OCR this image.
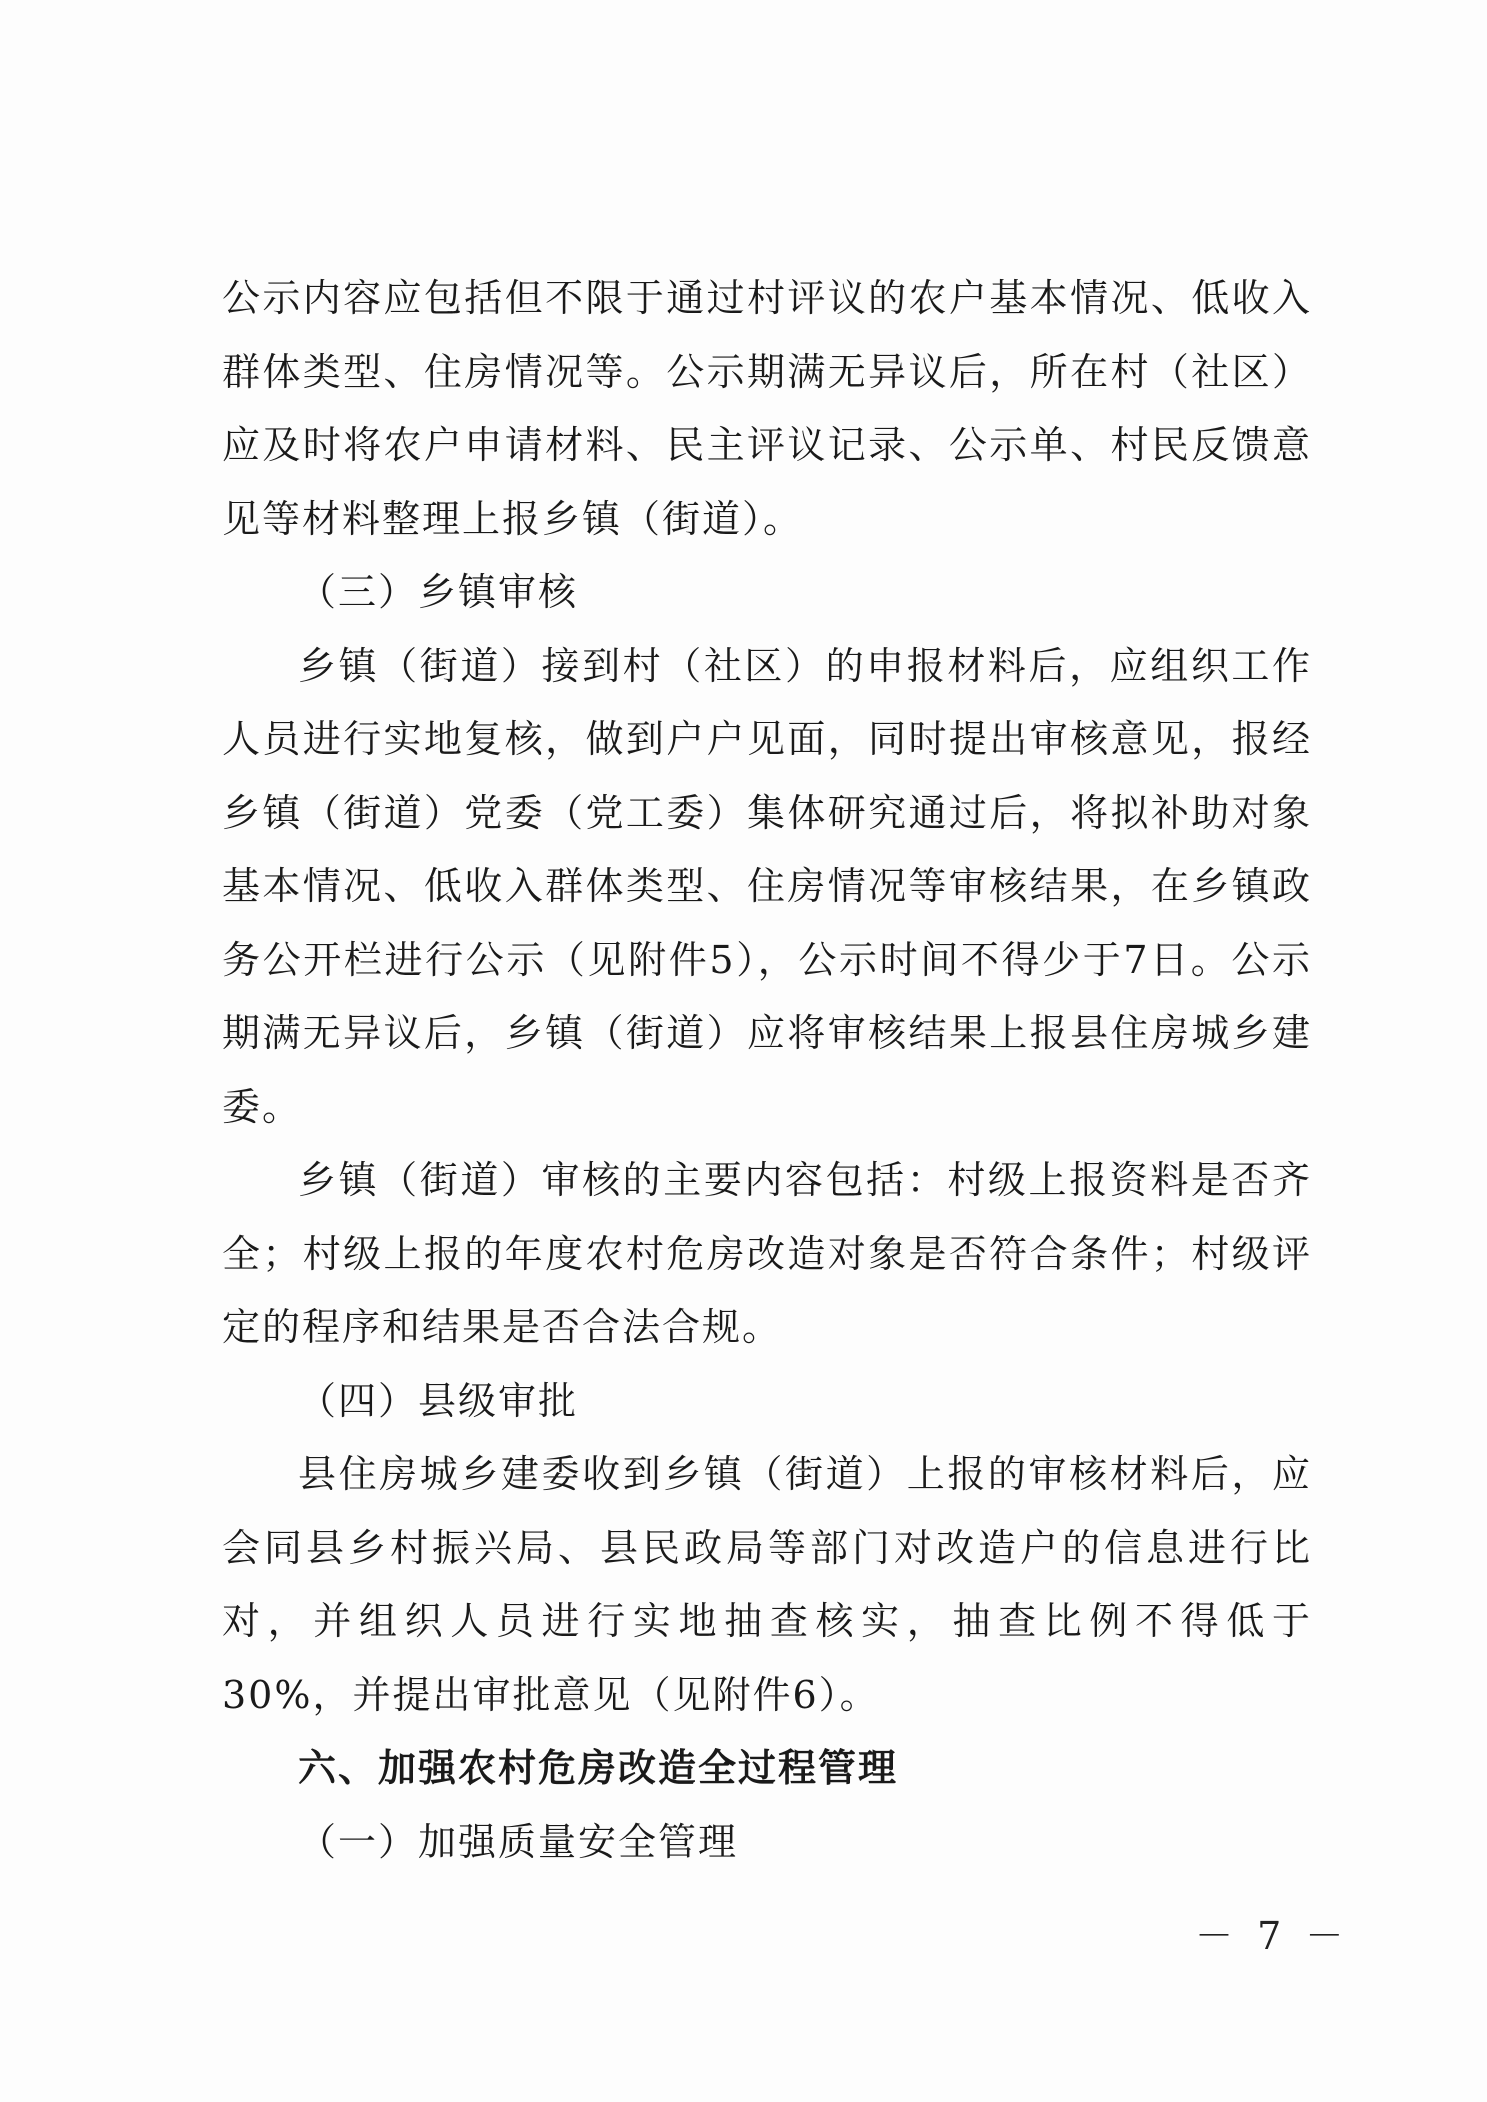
公示内容应包括但不限于通过村评议的农户基本情况、低收入群体类型、住房情况等。公示期满无异议后，所在村（社区）应及时将农户申请材料、民主评议记录、公示单、村民反馈意见等材料整理上报乡镇（街道）。

（三）乡镇审核

乡镇（街道）接到村（社区）的申报材料后，应组织工作人员进行实地复核，做到户户见面，同时提出审核意见，报经乡镇（街道）党委（党工委）集体研究通过后，将拟补助对象基本情况、低收入群体类型、住房情况等审核结果，在乡镇政务公开栏进行公示（见附件5），公示时间不得少于7日。公示期满无异议后，乡镇（街道）应将审核结果上报县住房城乡建委。

乡镇（街道）审核的主要内容包括：村级上报资料是否齐全；村级上报的年度农村危房改造对象是否符合条件；村级评定的程序和结果是否合法合规。

（四）县级审批

县住房城乡建委收到乡镇（街道）上报的审核材料后，应会同县乡村振兴局、县民政局等部门对改造户的信息进行比对，并组织人员进行实地抽查核实，抽查比例不得低于30%，并提出审批意见（见附件6）。

六、加强农村危房改造全过程管理

（一）加强质量安全管理

－ 7 －
